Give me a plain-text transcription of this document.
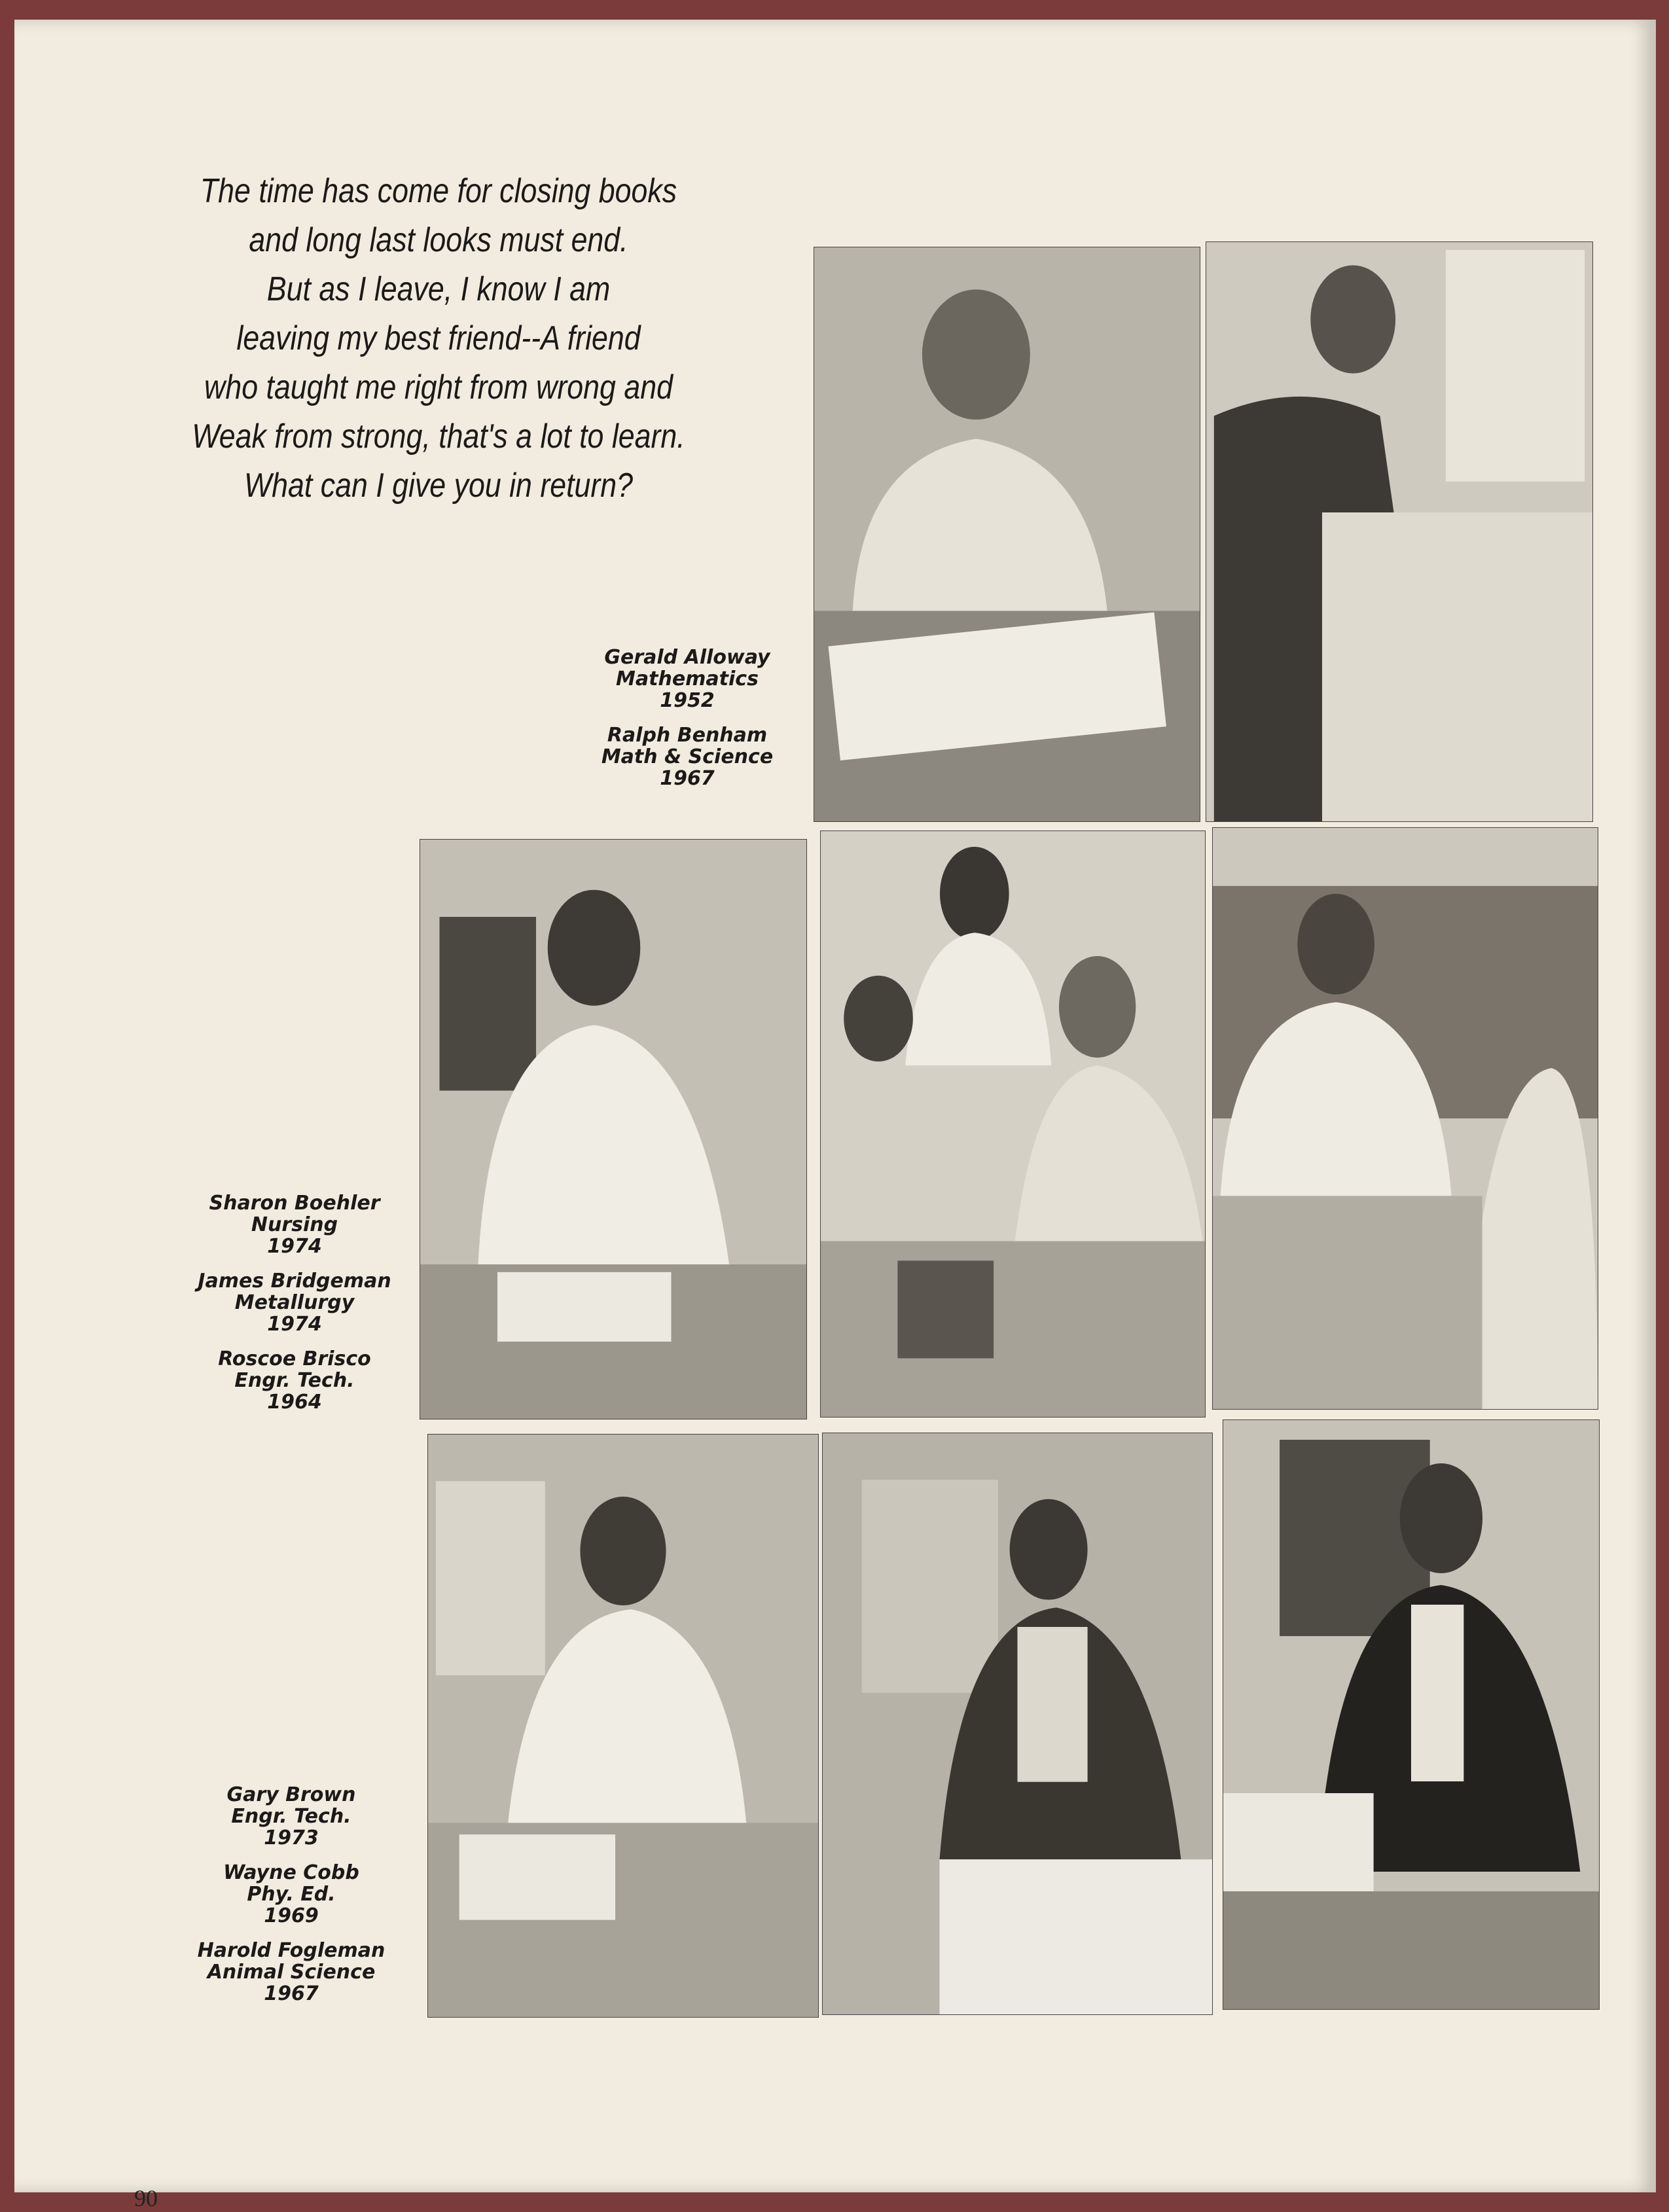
The time has come for closing books
and long last looks must end.
But as I leave, I know I am
leaving my best friend--A friend
who taught me right from wrong and
Weak from strong, that's a lot to learn.
What can I give you in return?
Gerald Alloway
Mathematics
1952
Ralph Benham
Math & Science
1967
Sharon Boehler
Nursing
1974
James Bridgeman
Metallurgy
1974
Roscoe Brisco
Engr. Tech.
1964
Gary Brown
Engr. Tech.
1973
Wayne Cobb
Phy. Ed.
1969
Harold Fogleman
Animal Science
1967
90
